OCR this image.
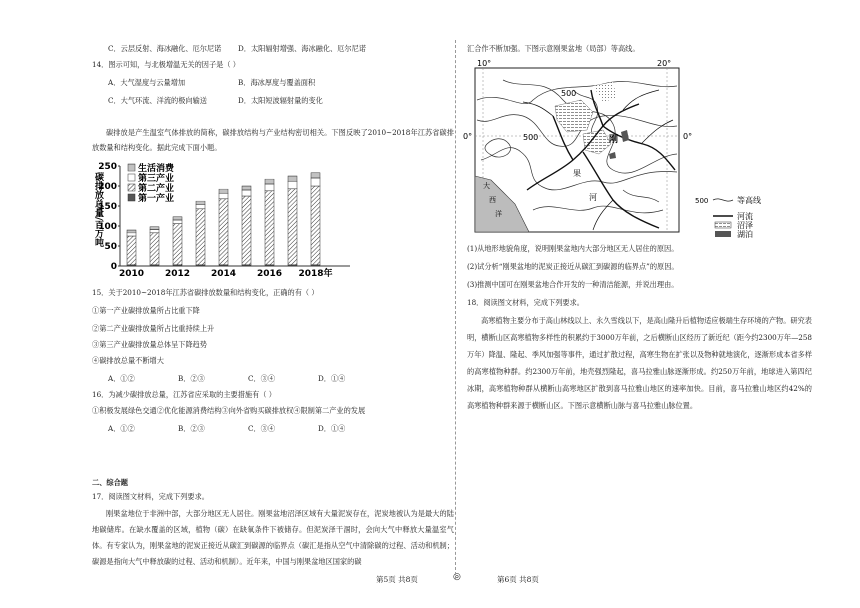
C．云层反射、海冰融化、厄尔尼诺 D．太阳辐射增强、海冰融化、厄尔尼诺
14．图示可知，与北极增温无关的因子是（ ）
A．大气湿度与云量增加	B．海冰厚度与覆盖面积
C．大气环流、洋流的极向输送	D．太阳短波辐射量的变化
碳排放是产生温室气体排放的简称，碳排放结构与产业结构密切相关。下图反映了2010~2018年江苏省碳排放数量和结构变化。据此完成下面小题。
碳排放总量/百万吨
0
50
100
150
200
250
2010 2012 2014 2016 2018年
生活消费
第三产业
第二产业
第一产业
15．关于2010~2018年江苏省碳排放数量和结构变化，正确的有（ ）
①第一产业碳排放量所占比重下降
②第二产业碳排放量所占比重持续上升
③第三产业碳排放量总体呈下降趋势
④碳排放总量不断增大
A．①②	B．②③	C．③④	D．①④
16．为减少碳排放总量，江苏省应采取的主要措施有（ ）
①积极发展绿色交通②优化能源消费结构③向外省购买碳排放权④限制第二产业的发展
A．①②	B．②③	C．③④	D．①④
二、综合题
17．阅读图文材料，完成下列要求。
刚果盆地位于非洲中部，大部分地区无人居住。刚果盆地沼泽区域有大量泥炭存在，泥炭地被认为是最大的陆地碳储库。在缺水覆盖的区域，植物（碳）在缺氧条件下被储存。但泥炭泽干涸时，会向大气中释放大量温室气体。有专家认为，刚果盆地的泥炭正接近从碳汇到碳源的临界点（碳汇是指从空气中清除碳的过程、活动和机制；碳源是指向大气中释放碳的过程、活动和机制）。近年来，中国与刚果盆地区国家的碳
第5页 共8页	◎
汇合作不断加强。下图示意刚果盆地（局部）等高线。
10°	20°
0°	0°
大
西
洋
500
500
刚
果
河	500	等高线
河流
沼泽
湖泊
(1)从地形地貌角度，说明刚果盆地内大部分地区无人居住的原因。
(2)试分析“刚果盆地的泥炭正接近从碳汇到碳源的临界点”的原因。
(3)推测中国可在刚果盆地合作开发的一种清洁能源，并说出理由。
18．阅读图文材料，完成下列要求。
高寒植物主要分布于高山林线以上、永久雪线以下，是高山隆升后植物适应极端生存环境的产物。研究表明，横断山区高寒植物多样性的积累约于3000万年前，之后横断山区经历了新近纪（距今约2300万年—258万年）降温、隆起、季风加强等事件，通过扩散过程，高寒生物在扩张以及物种就地演化，逐渐形成本省多样的高寒植物种群。约2300万年前，地壳强烈隆起，喜马拉雅山脉逐渐形成。约250万年前，地球进入第四纪冰期，高寒植物种群从横断山高寒地区扩散到喜马拉雅山地区的速率加快。目前，喜马拉雅山地区约42%的高寒植物种群来源于横断山区。下图示意横断山脉与喜马拉雅山脉位置。
第6页 共8页
